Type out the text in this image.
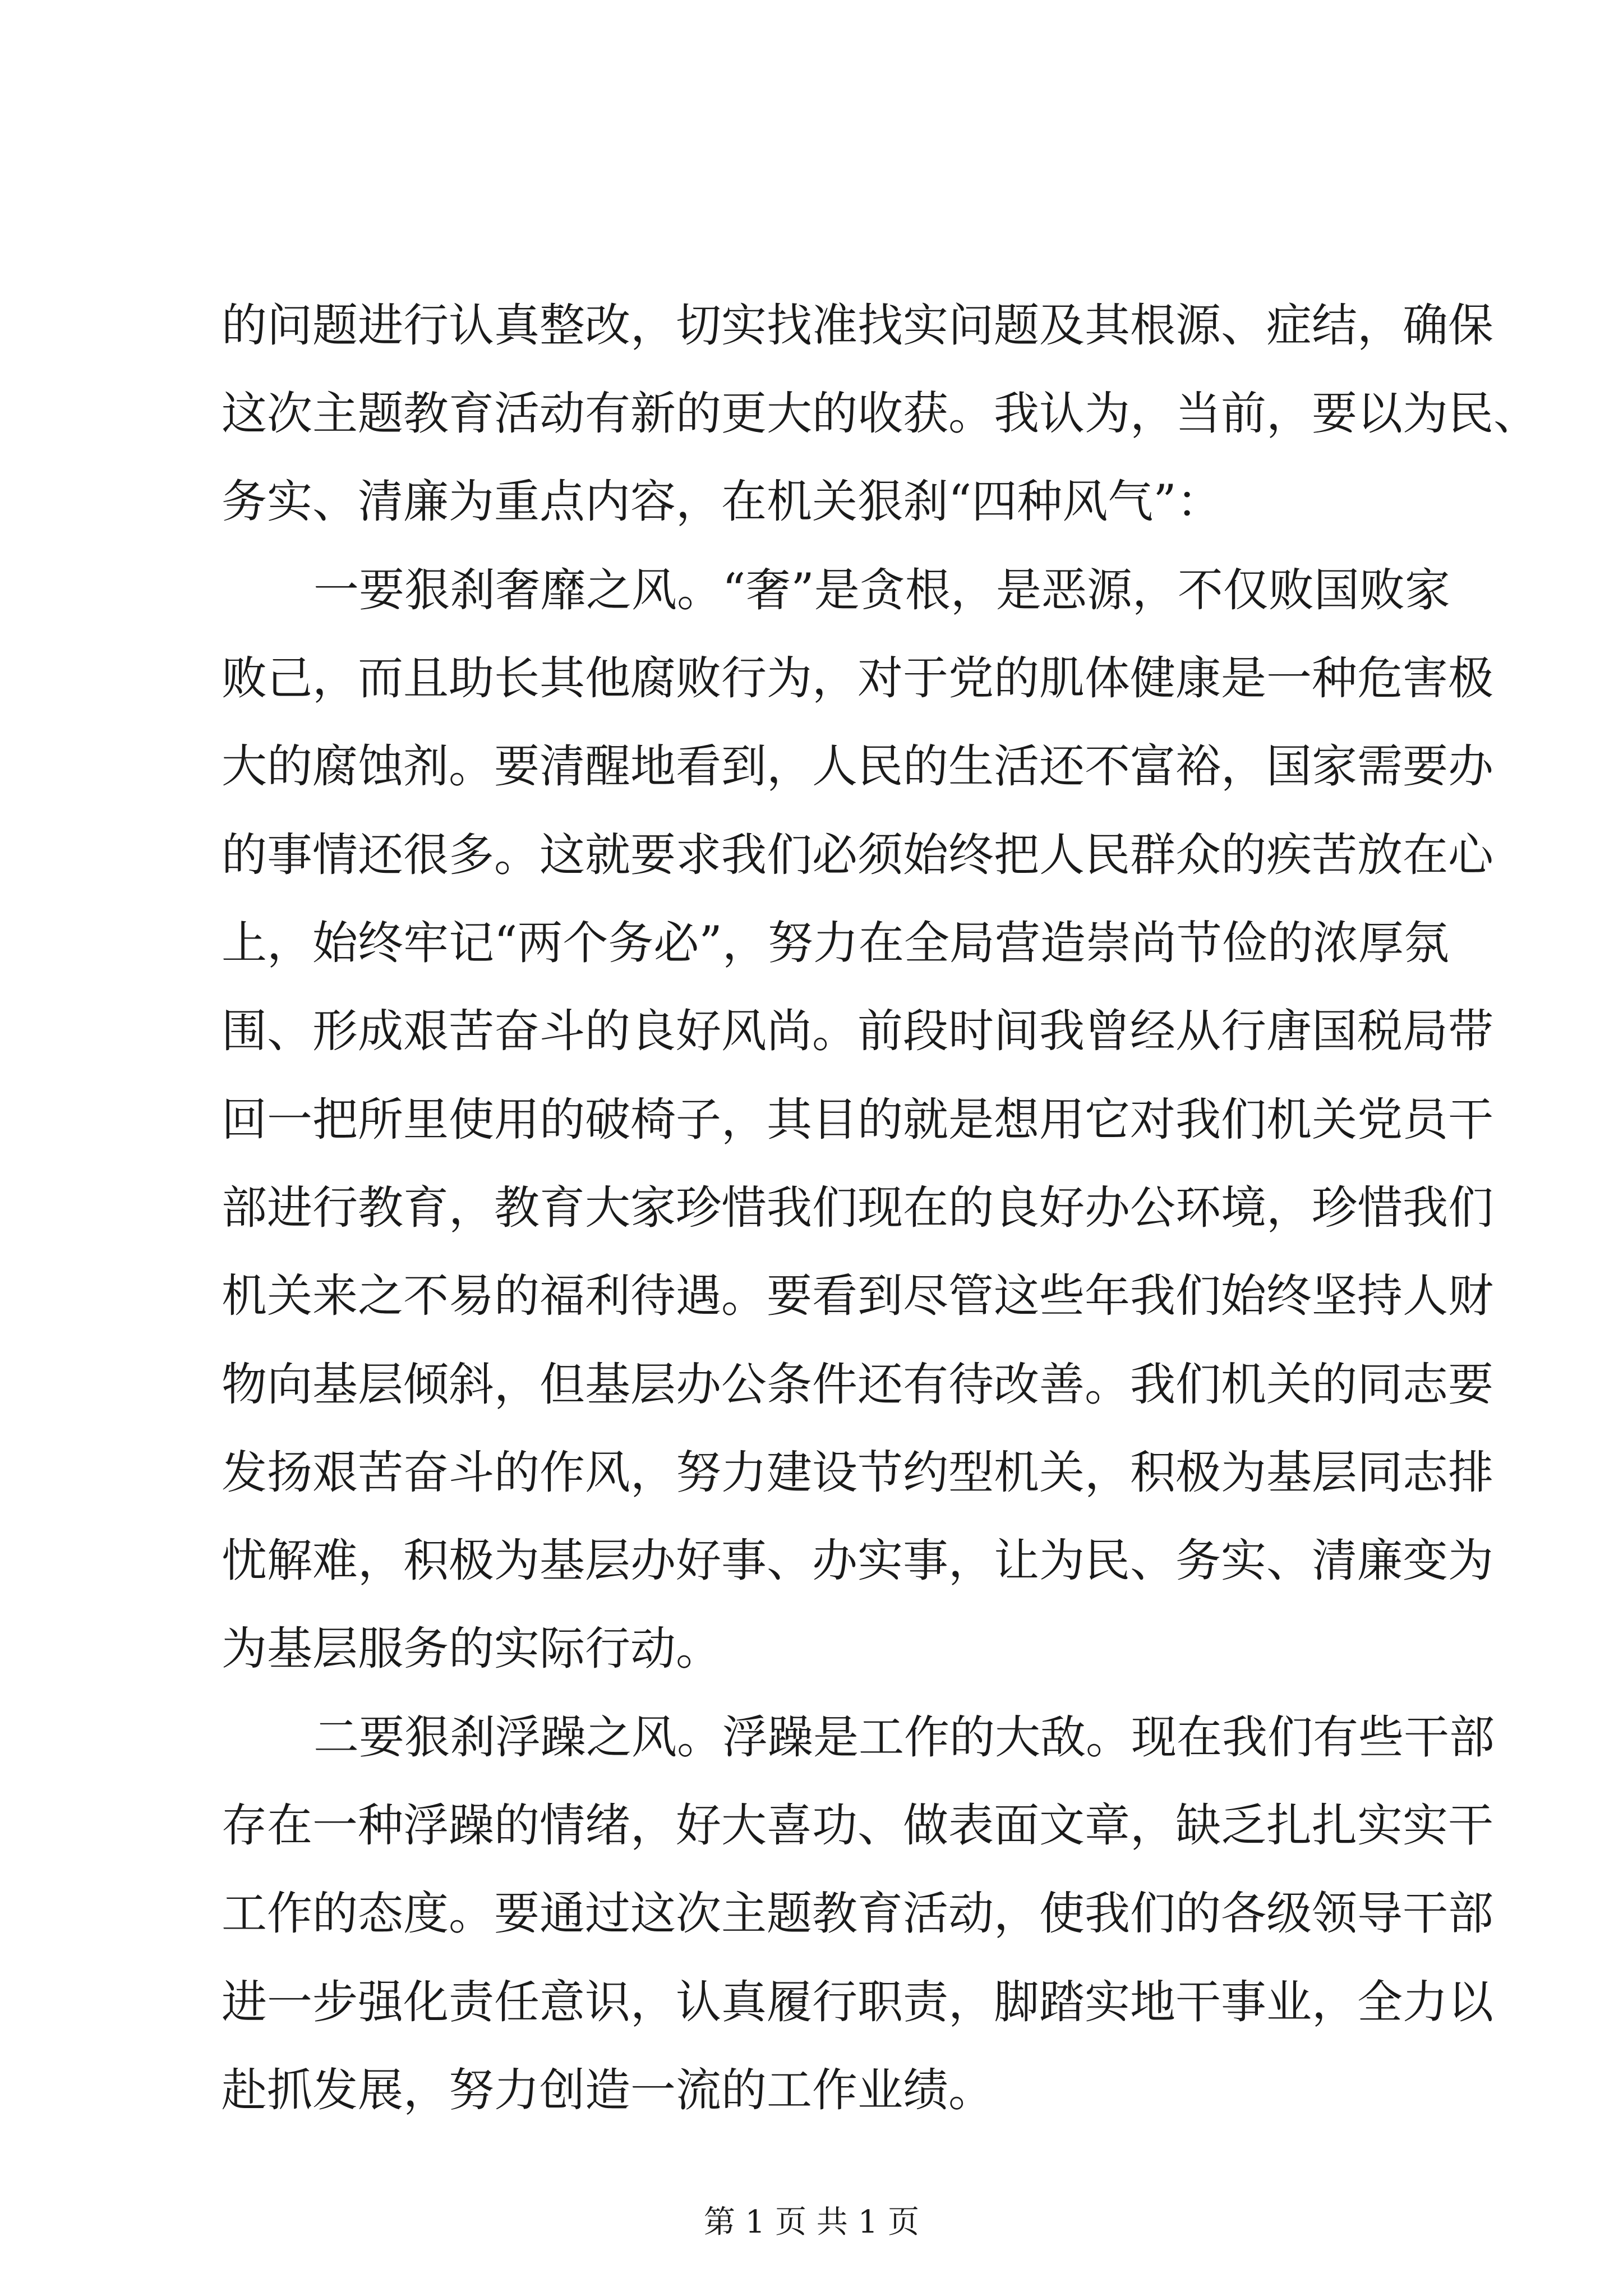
的问题进行认真整改，切实找准找实问题及其根源、症结，确保
这次主题教育活动有新的更大的收获。我认为，当前，要以为民、
务实、清廉为重点内容，在机关狠刹“四种风气”：
一要狠刹奢靡之风。“奢”是贪根，是恶源，不仅败国败家
败己，而且助长其他腐败行为，对于党的肌体健康是一种危害极
大的腐蚀剂。要清醒地看到，人民的生活还不富裕，国家需要办
的事情还很多。这就要求我们必须始终把人民群众的疾苦放在心
上，始终牢记“两个务必”，努力在全局营造崇尚节俭的浓厚氛
围、形成艰苦奋斗的良好风尚。前段时间我曾经从行唐国税局带
回一把所里使用的破椅子，其目的就是想用它对我们机关党员干
部进行教育，教育大家珍惜我们现在的良好办公环境，珍惜我们
机关来之不易的福利待遇。要看到尽管这些年我们始终坚持人财
物向基层倾斜，但基层办公条件还有待改善。我们机关的同志要
发扬艰苦奋斗的作风，努力建设节约型机关，积极为基层同志排
忧解难，积极为基层办好事、办实事，让为民、务实、清廉变为
为基层服务的实际行动。
二要狠刹浮躁之风。浮躁是工作的大敌。现在我们有些干部
存在一种浮躁的情绪，好大喜功、做表面文章，缺乏扎扎实实干
工作的态度。要通过这次主题教育活动，使我们的各级领导干部
进一步强化责任意识，认真履行职责，脚踏实地干事业，全力以
赴抓发展，努力创造一流的工作业绩。
第 1 页 共 1 页
